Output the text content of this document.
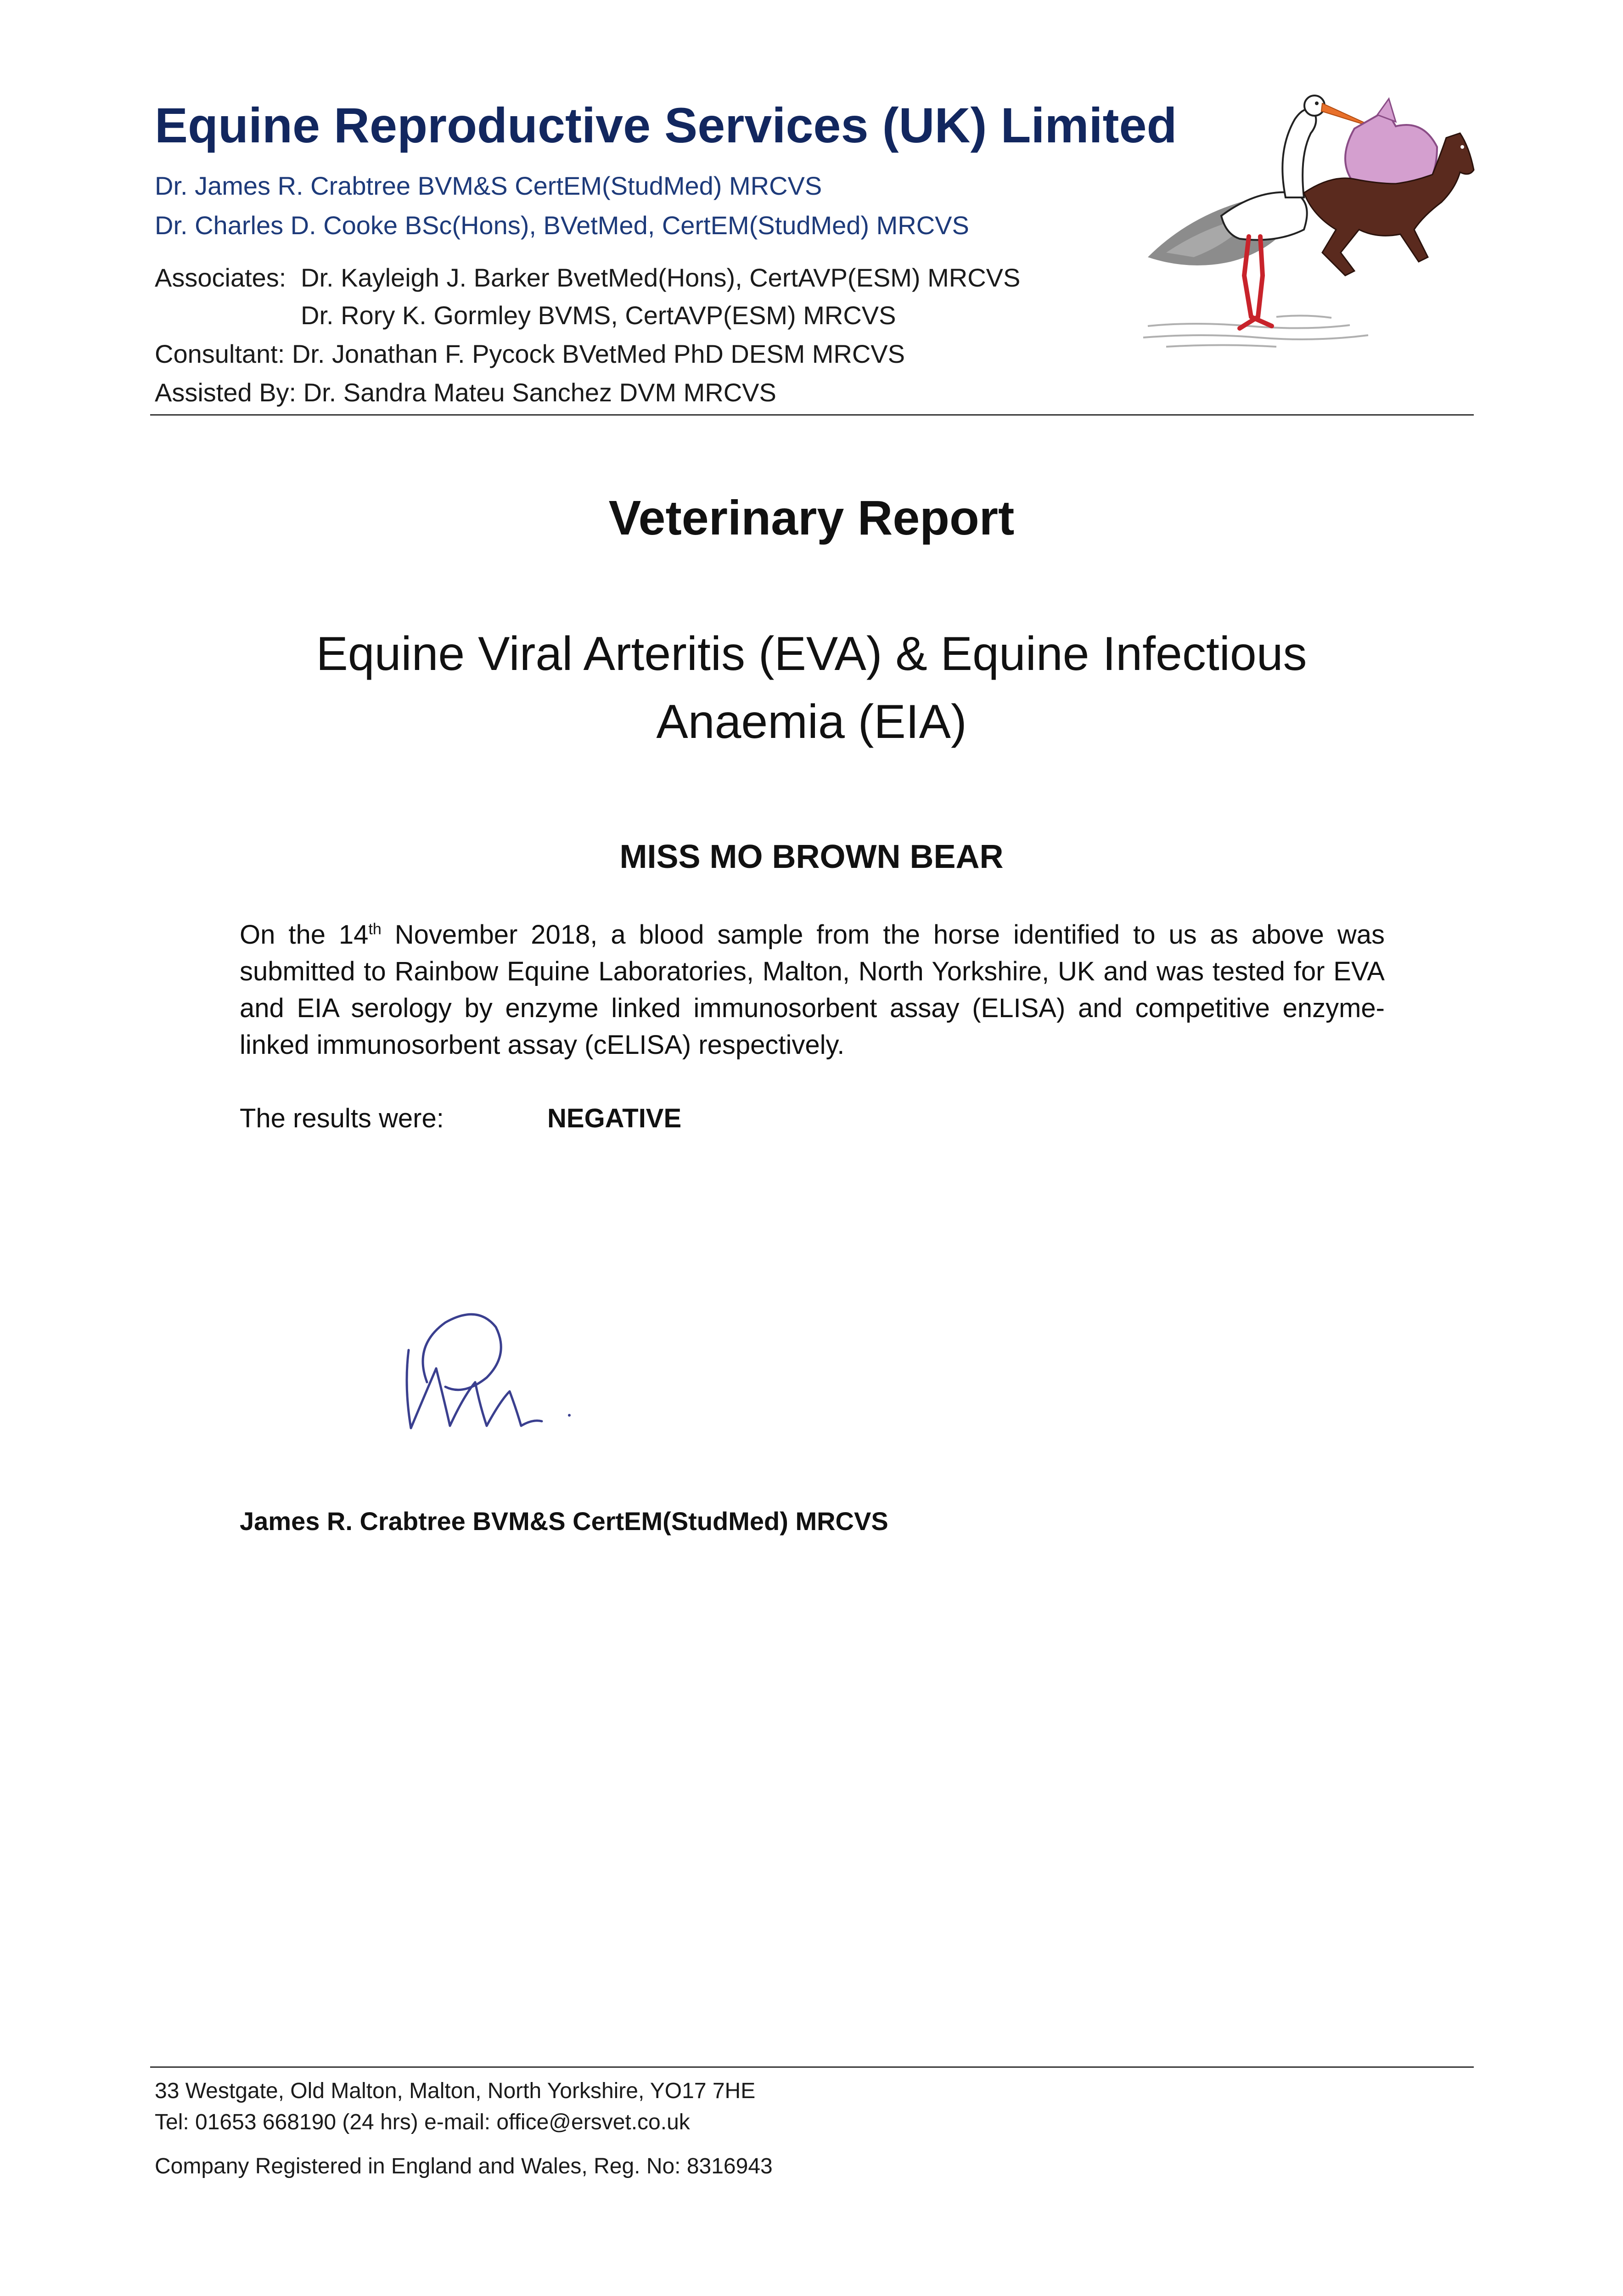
Equine Reproductive Services (UK) Limited
Dr. James R. Crabtree BVM&S CertEM(StudMed) MRCVS
Dr. Charles D. Cooke BSc(Hons), BVetMed, CertEM(StudMed) MRCVS
Associates: Dr. Kayleigh J. Barker BvetMed(Hons), CertAVP(ESM) MRCVS
Dr. Rory K. Gormley BVMS, CertAVP(ESM) MRCVS
Consultant: Dr. Jonathan F. Pycock BVetMed PhD DESM MRCVS
Assisted By: Dr. Sandra Mateu Sanchez DVM MRCVS
Veterinary Report
Equine Viral Arteritis (EVA) & Equine Infectious
Anaemia (EIA)
MISS MO BROWN BEAR
On the 14th November 2018, a blood sample from the horse identified to us as above was submitted to Rainbow Equine Laboratories, Malton, North Yorkshire, UK and was tested for EVA and EIA serology by enzyme linked immunosorbent assay (ELISA) and competitive enzyme-linked immunosorbent assay (cELISA) respectively.
The results were:	NEGATIVE
James R. Crabtree BVM&S CertEM(StudMed) MRCVS
33 Westgate, Old Malton, Malton, North Yorkshire, YO17 7HE
Tel: 01653 668190 (24 hrs) e-mail: office@ersvet.co.uk
Company Registered in England and Wales, Reg. No: 8316943
